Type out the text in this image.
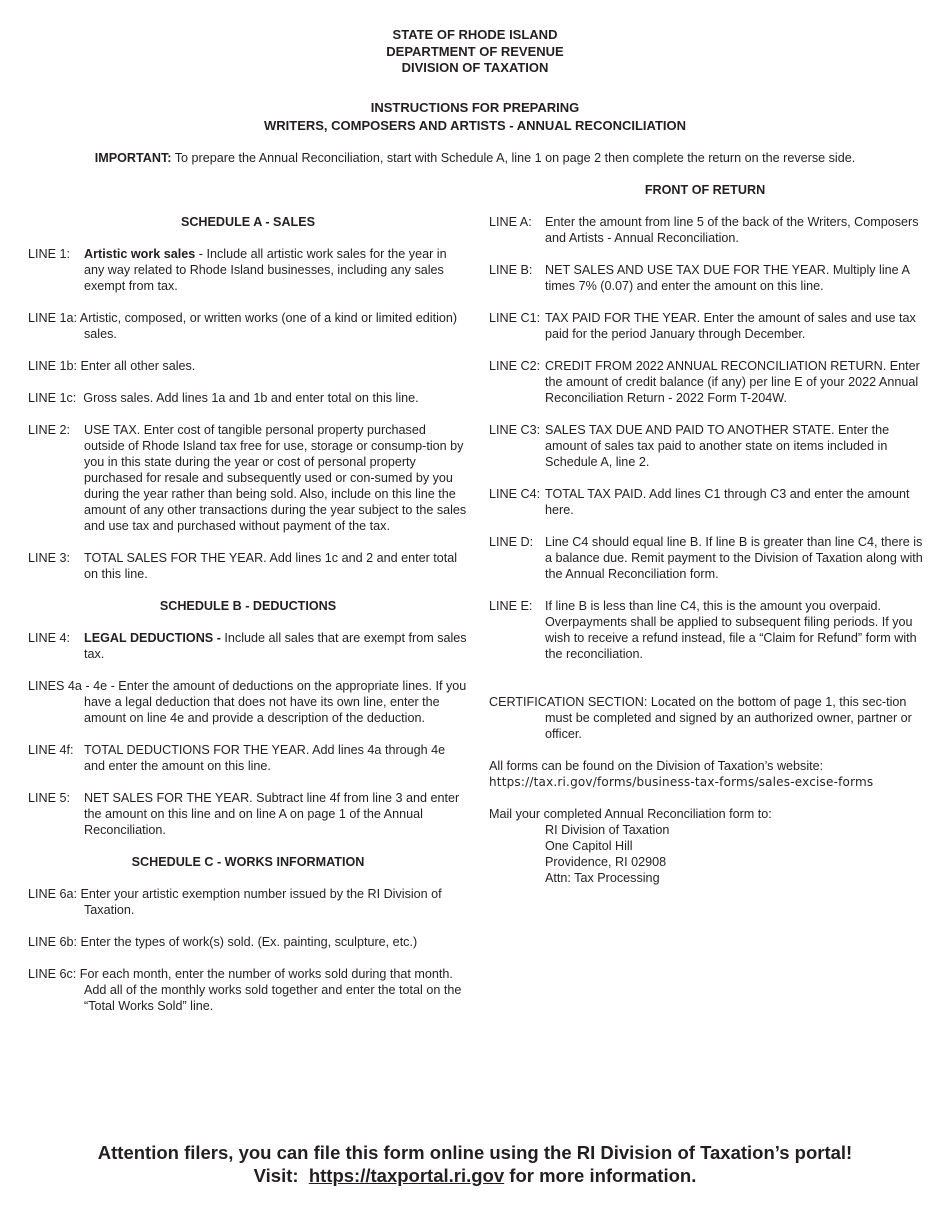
STATE OF RHODE ISLAND
DEPARTMENT OF REVENUE
DIVISION OF TAXATION
INSTRUCTIONS FOR PREPARING
WRITERS, COMPOSERS AND ARTISTS - ANNUAL RECONCILIATION
IMPORTANT: To prepare the Annual Reconciliation, start with Schedule A, line 1 on page 2 then complete the return on the reverse side.
SCHEDULE A - SALES
LINE 1:	Artistic work sales - Include all artistic work sales for the year in any way related to Rhode Island businesses, including any sales exempt from tax.
LINE 1a: Artistic, composed, or written works (one of a kind or limited edition) sales.
LINE 1b: Enter all other sales.
LINE 1c:  Gross sales. Add lines 1a and 1b and enter total on this line.
LINE 2:	USE TAX. Enter cost of tangible personal property purchased outside of Rhode Island tax free for use, storage or consump-tion by you in this state during the year or cost of personal property purchased for resale and subsequently used or con-sumed by you during the year rather than being sold. Also, include on this line the amount of any other transactions during the year subject to the sales and use tax and purchased without payment of the tax.
LINE 3:	TOTAL SALES FOR THE YEAR. Add lines 1c and 2 and enter total on this line.
SCHEDULE B - DEDUCTIONS
LINE 4:	LEGAL DEDUCTIONS - Include all sales that are exempt from sales tax.
LINES 4a - 4e - Enter the amount of deductions on the appropriate lines. If you have a legal deduction that does not have its own line, enter the amount on line 4e and provide a description of the deduction.
LINE 4f: TOTAL DEDUCTIONS FOR THE YEAR. Add lines 4a through 4e and enter the amount on this line.
LINE 5:	NET SALES FOR THE YEAR. Subtract line 4f from line 3 and enter the amount on this line and on line A on page 1 of the Annual Reconciliation.
SCHEDULE C - WORKS INFORMATION
LINE 6a: Enter your artistic exemption number issued by the RI Division of Taxation.
LINE 6b: Enter the types of work(s) sold. (Ex. painting, sculpture, etc.)
LINE 6c: For each month, enter the number of works sold during that month. Add all of the monthly works sold together and enter the total on the “Total Works Sold” line.
FRONT OF RETURN
LINE A:	Enter the amount from line 5 of the back of the Writers, Composers and Artists - Annual Reconciliation.
LINE B: NET SALES AND USE TAX DUE FOR THE YEAR. Multiply line A times 7% (0.07) and enter the amount on this line.
LINE C1: TAX PAID FOR THE YEAR. Enter the amount of sales and use tax paid for the period January through December.
LINE C2: CREDIT FROM 2022 ANNUAL RECONCILIATION RETURN. Enter the amount of credit balance (if any) per line E of your 2022 Annual Reconciliation Return - 2022 Form T-204W.
LINE C3: SALES TAX DUE AND PAID TO ANOTHER STATE. Enter the amount of sales tax paid to another state on items included in Schedule A, line 2.
LINE C4: TOTAL TAX PAID. Add lines C1 through C3 and enter the amount here.
LINE D: Line C4 should equal line B. If line B is greater than line C4, there is a balance due. Remit payment to the Division of Taxation along with the Annual Reconciliation form.
LINE E: If line B is less than line C4, this is the amount you overpaid. Overpayments shall be applied to subsequent filing periods. If you wish to receive a refund instead, file a “Claim for Refund” form with the reconciliation.
CERTIFICATION SECTION: Located on the bottom of page 1, this sec-tion must be completed and signed by an authorized owner, partner or officer.
All forms can be found on the Division of Taxation’s website:
https://tax.ri.gov/forms/business-tax-forms/sales-excise-forms
Mail your completed Annual Reconciliation form to:
RI Division of Taxation
One Capitol Hill
Providence, RI 02908
Attn: Tax Processing
Attention filers, you can file this form online using the RI Division of Taxation’s portal!
Visit:  https://taxportal.ri.gov for more information.
